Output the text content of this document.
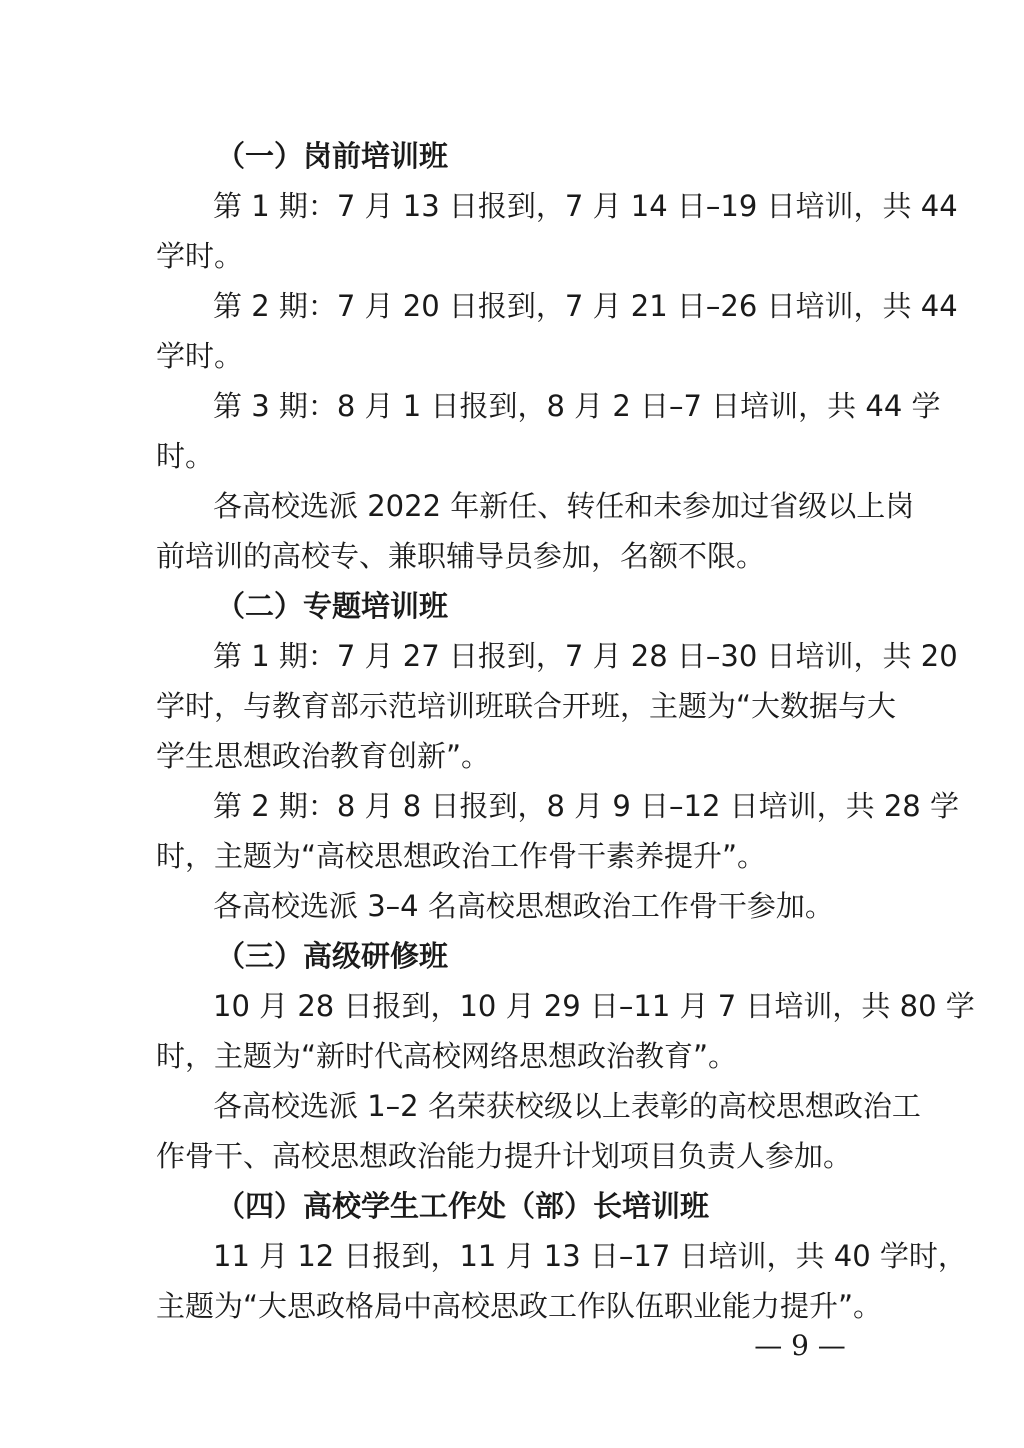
（一）岗前培训班
第 1 期：7 月 13 日报到，7 月 14 日–19 日培训，共 44
学时。
第 2 期：7 月 20 日报到，7 月 21 日–26 日培训，共 44
学时。
第 3 期：8 月 1 日报到，8 月 2 日–7 日培训，共 44 学
时。
各高校选派 2022 年新任、转任和未参加过省级以上岗
前培训的高校专、兼职辅导员参加，名额不限。
（二）专题培训班
第 1 期：7 月 27 日报到，7 月 28 日–30 日培训，共 20
学时，与教育部示范培训班联合开班，主题为“大数据与大
学生思想政治教育创新”。
第 2 期：8 月 8 日报到，8 月 9 日–12 日培训，共 28 学
时，主题为“高校思想政治工作骨干素养提升”。
各高校选派 3–4 名高校思想政治工作骨干参加。
（三）高级研修班
10 月 28 日报到，10 月 29 日–11 月 7 日培训，共 80 学
时，主题为“新时代高校网络思想政治教育”。
各高校选派 1–2 名荣获校级以上表彰的高校思想政治工
作骨干、高校思想政治能力提升计划项目负责人参加。
（四）高校学生工作处（部）长培训班
11 月 12 日报到，11 月 13 日–17 日培训，共 40 学时，
主题为“大思政格局中高校思政工作队伍职业能力提升”。
— 9 —
